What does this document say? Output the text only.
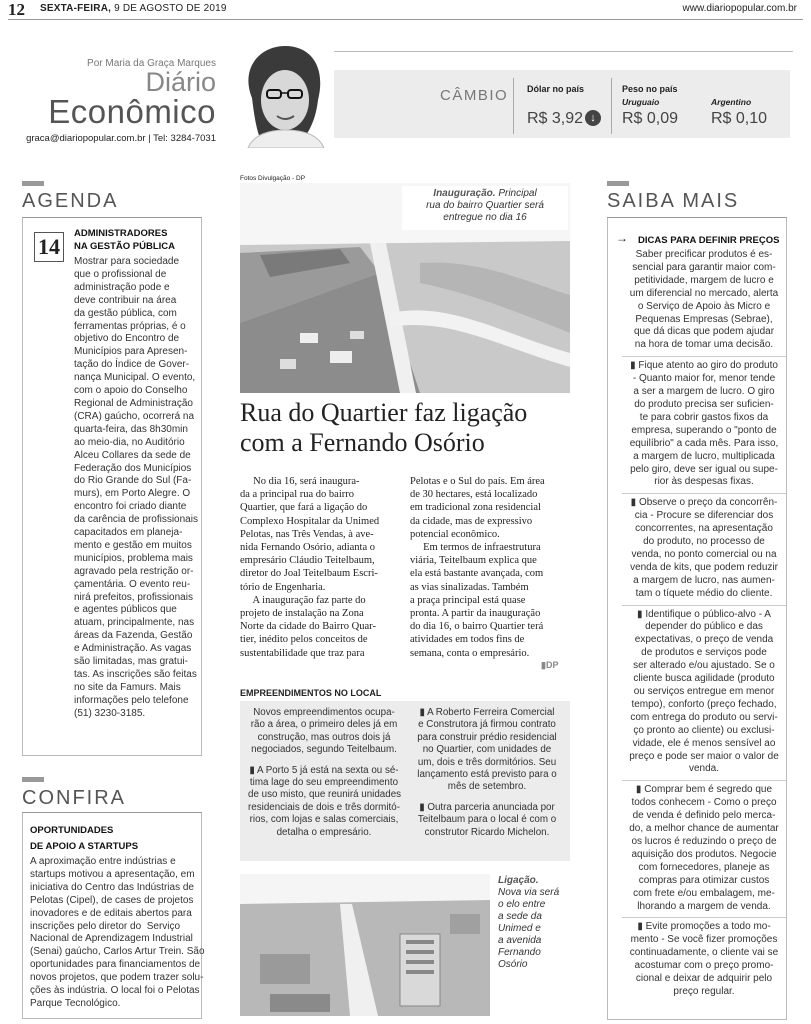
12 SEXTA-FEIRA, 9 DE AGOSTO DE 2019	www.diariopopular.com.br
Por Maria da Graça Marques
Diário
Econômico
graca@diariopopular.com.br | Tel: 3284-7031
CÂMBIO Dólar no país
R$ 3,92 ↓
Peso no país
Uruguaio
R$ 0,09
Argentino
R$ 0,10
AGENDA
14
ADMINISTRADORES
NA GESTÃO PÚBLICA
Mostrar para sociedade
que o profissional de
administração pode e
deve contribuir na área
da gestão pública, com
ferramentas próprias, é o
objetivo do Encontro de
Municípios para Apresen-
tação do Índice de Gover-
nança Municipal. O evento,
com o apoio do Conselho
Regional de Administração
(CRA) gaúcho, ocorrerá na
quarta-feira, das 8h30min
ao meio-dia, no Auditório
Alceu Collares da sede de
Federação dos Municípios
do Rio Grande do Sul (Fa-
murs), em Porto Alegre. O
encontro foi criado diante
da carência de profissionais
capacitados em planeja-
mento e gestão em muitos
municípios, problema mais
agravado pela restrição or-
çamentária. O evento reu-
nirá prefeitos, profissionais
e agentes públicos que
atuam, principalmente, nas
áreas da Fazenda, Gestão
e Administração. As vagas
são limitadas, mas gratui-
tas. As inscrições são feitas
no site da Famurs. Mais
informações pelo telefone
(51) 3230-3185.
CONFIRA
OPORTUNIDADES
DE APOIO A STARTUPS
A aproximação entre indústrias e
startups motivou a apresentação, em
iniciativa do Centro das Indústrias de
Pelotas (Cipel), de cases de projetos
inovadores e de editais abertos para
inscrições pelo diretor do  Serviço
Nacional de Aprendizagem Industrial
(Senai) gaúcho, Carlos Artur Trein. São
oportunidades para financiamentos de
novos projetos, que podem trazer solu-
ções às indústria. O local foi o Pelotas
Parque Tecnológico.
Fotos Divulgação - DP
Inauguração. Principal
rua do bairro Quartier será
entregue no dia 16
Rua do Quartier faz ligação
com a Fernando Osório
No dia 16, será inaugura-
da a principal rua do bairro
Quartier, que fará a ligação do
Complexo Hospitalar da Unimed
Pelotas, nas Três Vendas, à ave-
nida Fernando Osório, adianta o
empresário Cláudio Teitelbaum,
diretor do Joal Teitelbaum Escri-
tório de Engenharia.
A inauguração faz parte do
projeto de instalação na Zona
Norte da cidade do Bairro Quar-
tier, inédito pelos conceitos de
sustentabilidade que traz para
Pelotas e o Sul do país. Em área
de 30 hectares, está localizado
em tradicional zona residencial
da cidade, mas de expressivo
potencial econômico.
Em termos de infraestrutura
viária, Teitelbaum explica que
ela está bastante avançada, com
as vias sinalizadas. Também
a praça principal está quase
pronta. A partir da inauguração
do dia 16, o bairro Quartier terá
atividades em todos fins de
semana, conta o empresário.
▮DP
EMPREENDIMENTOS NO LOCAL
Novos empreendimentos ocupa-
rão a área, o primeiro deles já em
construção, mas outros dois já
negociados, segundo Teitelbaum.
▮ A Porto 5 já está na sexta ou sé-
tima lage do seu empreendimento
de uso misto, que reunirá unidades
residenciais de dois e três dormitó-
rios, com lojas e salas comerciais,
detalha o empresário.
▮ A Roberto Ferreira Comercial
e Construtora já firmou contrato
para construir prédio residencial
no Quartier, com unidades de
um, dois e três dormitórios. Seu
lançamento está previsto para o
mês de setembro.
▮ Outra parceria anunciada por
Teitelbaum para o local é com o
construtor Ricardo Michelon.
Ligação.
Nova via será
o elo entre
a sede da
Unimed e
a avenida
Fernando
Osório
SAIBA MAIS
→ DICAS PARA DEFINIR PREÇOS
Saber precificar produtos é es-
sencial para garantir maior com-
petitividade, margem de lucro e
um diferencial no mercado, alerta
o Serviço de Apoio às Micro e
Pequenas Empresas (Sebrae),
que dá dicas que podem ajudar
na hora de tomar uma decisão.
▮ Fique atento ao giro do produto
- Quanto maior for, menor tende
a ser a margem de lucro. O giro
do produto precisa ser suficien-
te para cobrir gastos fixos da
empresa, superando o "ponto de
equilíbrio" a cada mês. Para isso,
a margem de lucro, multiplicada
pelo giro, deve ser igual ou supe-
rior às despesas fixas.
▮ Observe o preço da concorrên-
cia - Procure se diferenciar dos
concorrentes, na apresentação
do produto, no processo de
venda, no ponto comercial ou na
venda de kits, que podem reduzir
a margem de lucro, nas aumen-
tam o tíquete médio do cliente.
▮ Identifique o público-alvo - A
depender do público e das
expectativas, o preço de venda
de produtos e serviços pode
ser alterado e/ou ajustado. Se o
cliente busca agilidade (produto
ou serviços entregue em menor
tempo), conforto (preço fechado,
com entrega do produto ou servi-
ço pronto ao cliente) ou exclusi-
vidade, ele é menos sensível ao
preço e pode ser maior o valor de
venda.
▮ Comprar bem é segredo que
todos conhecem - Como o preço
de venda é definido pelo merca-
do, a melhor chance de aumentar
os lucros é reduzindo o preço de
aquisição dos produtos. Negocie
com fornecedores, planeje as
compras para otimizar custos
com frete e/ou embalagem, me-
lhorando a margem de venda.
▮ Evite promoções a todo mo-
mento - Se você fizer promoções
continuadamente, o cliente vai se
acostumar com o preço promo-
cional e deixar de adquirir pelo
preço regular.
